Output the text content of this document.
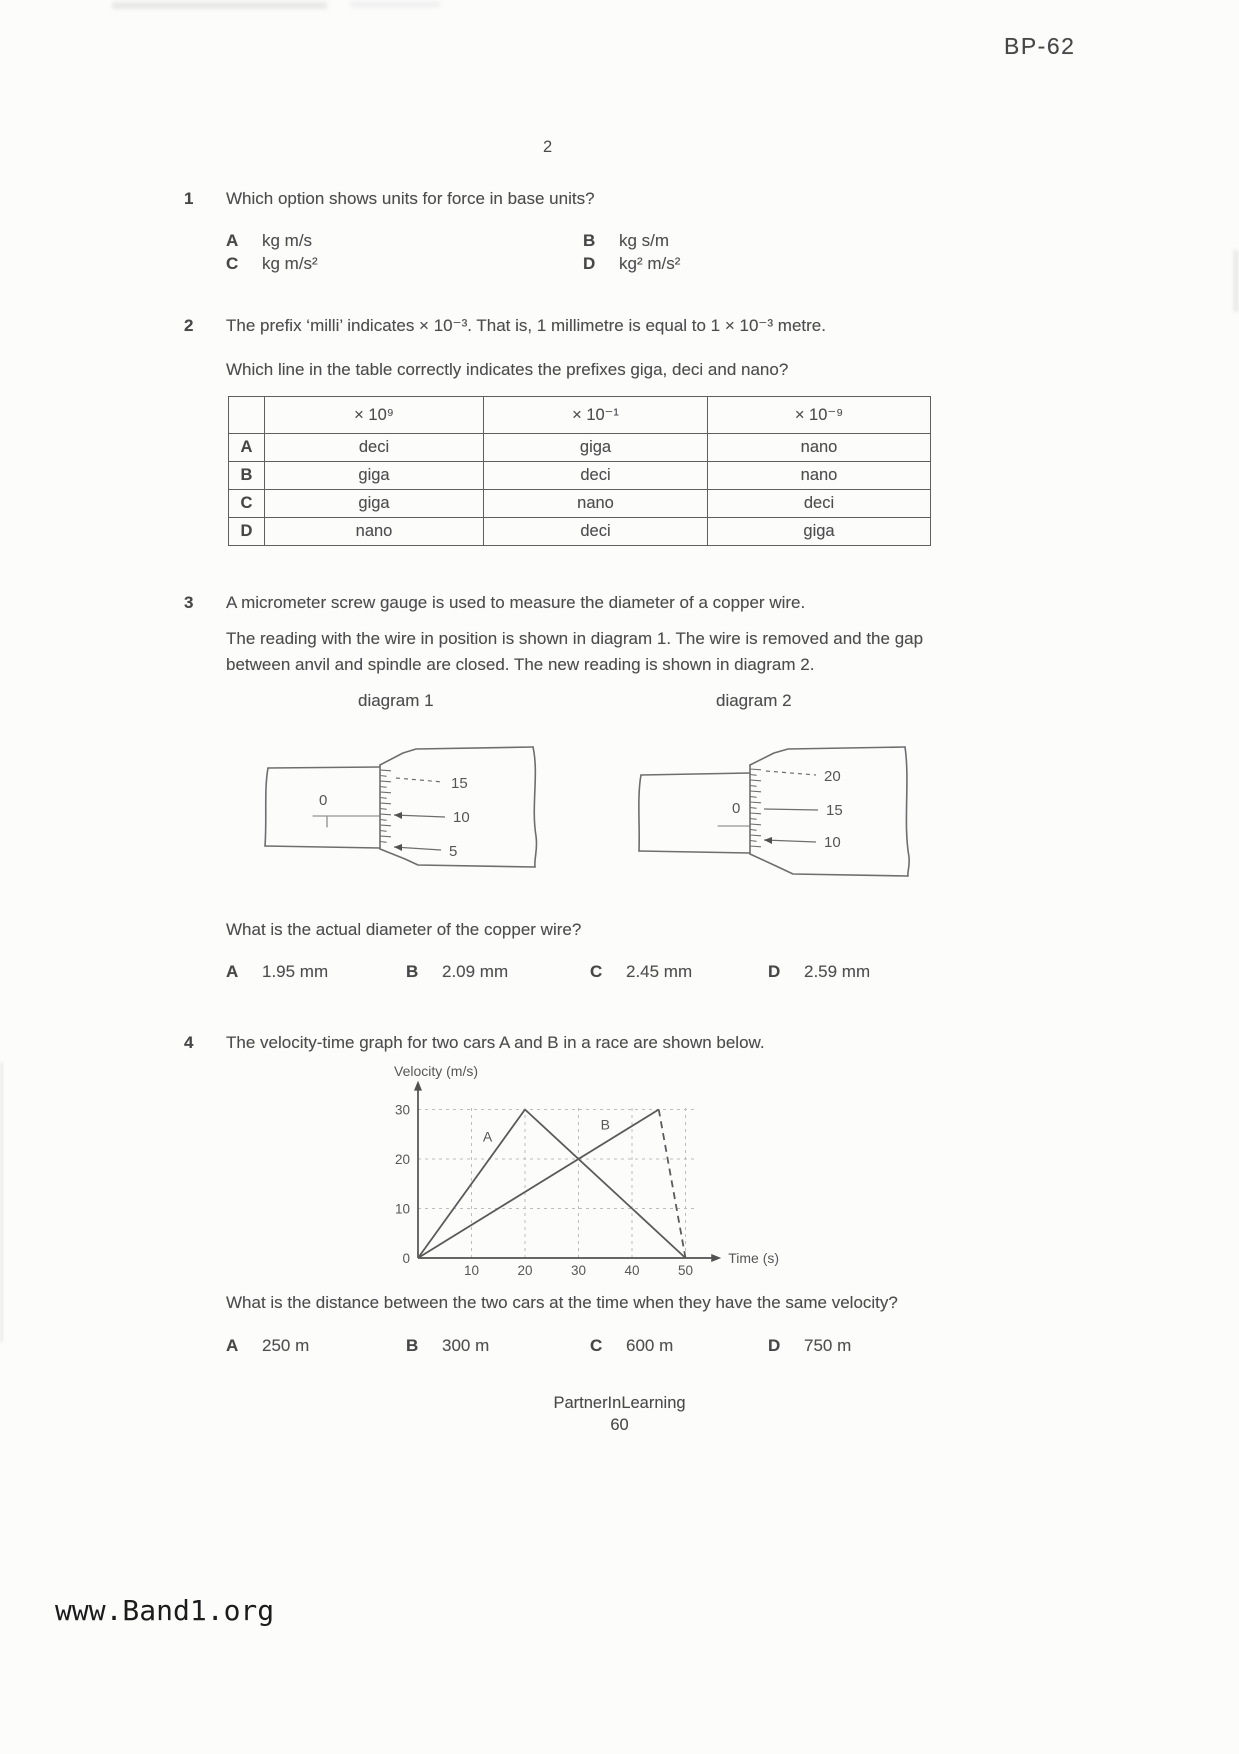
BP-62
2
1 Which option shows units for force in base units?
A kg m/s	B kg s/m
C kg m/s²	D kg² m/s²
2 The prefix ‘milli’ indicates × 10⁻³. That is, 1 millimetre is equal to 1 × 10⁻³ metre.
Which line in the table correctly indicates the prefixes giga, deci and nano?
	× 10⁹	× 10⁻¹	× 10⁻⁹
A	deci	giga	nano
B	giga	deci	nano
C	giga	nano	deci
D	nano	deci	giga
3 A micrometer screw gauge is used to measure the diameter of a copper wire.
The reading with the wire in position is shown in diagram 1. The wire is removed and the gap between anvil and spindle are closed. The new reading is shown in diagram 2.
diagram 1	diagram 2
0
15
10
5
0
20
15
10
What is the actual diameter of the copper wire?
A 1.95 mm	B 2.09 mm	C 2.45 mm	D 2.59 mm
4 The velocity-time graph for two cars A and B in a race are shown below.
10	20	30	40	50
10
20
30
0
A
B
Velocity (m/s)
Time (s)
What is the distance between the two cars at the time when they have the same velocity?
A 250 m	B 300 m	C 600 m	D 750 m
PartnerInLearning
60
www.Band1.org
